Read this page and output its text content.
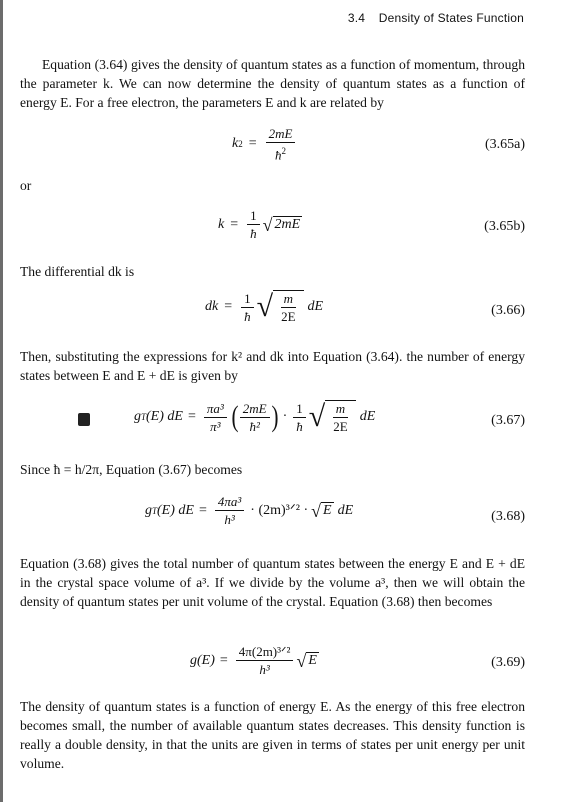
3.4 Density of States Function

Equation (3.64) gives the density of quantum states as a function of momentum, through the parameter k. We can now determine the density of quantum states as a function of energy E. For a free electron, the parameters E and k are related by

k $2 = \frac{2mE}{ħ^2}$	(3.65a)
or
$k = \frac{1}{ħ}$ √ 2mE	(3.65b)

The differential dk is

dk = $\frac{1}{ħ}$ √ $\frac{m}{2E}$ dE	(3.66)

Then, substituting the expressions for k² and dk into Equation (3.64). the number of energy states between E and E + dE is given by

g T (E) dE = $\frac{\text{πa³}}{\text{π³}}$ ( $\frac{2mE}{\text{ħ²}}$ ) · $\frac{1}{ħ}$ √ $\frac{m}{2E}$ dE	(3.67)

Since ħ = h/2π, Equation (3.67) becomes

g T (E) dE = $\frac{\text{4πa³}}{\text{h³}}$ · (2m)³ᐟ² · √ E dE	(3.68)

Equation (3.68) gives the total number of quantum states between the energy E and E + dE in the crystal space volume of a³. If we divide by the volume a³, then we will obtain the density of quantum states per unit volume of the crystal. Equation (3.68) then becomes

$g(E) = \frac{\text{4π(2m)³ᐟ²}}{\text{h³}}$ √ E	(3.69)

The density of quantum states is a function of energy E. As the energy of this free electron becomes small, the number of available quantum states decreases. This density function is really a double density, in that the units are given in terms of states per unit energy per unit volume.
